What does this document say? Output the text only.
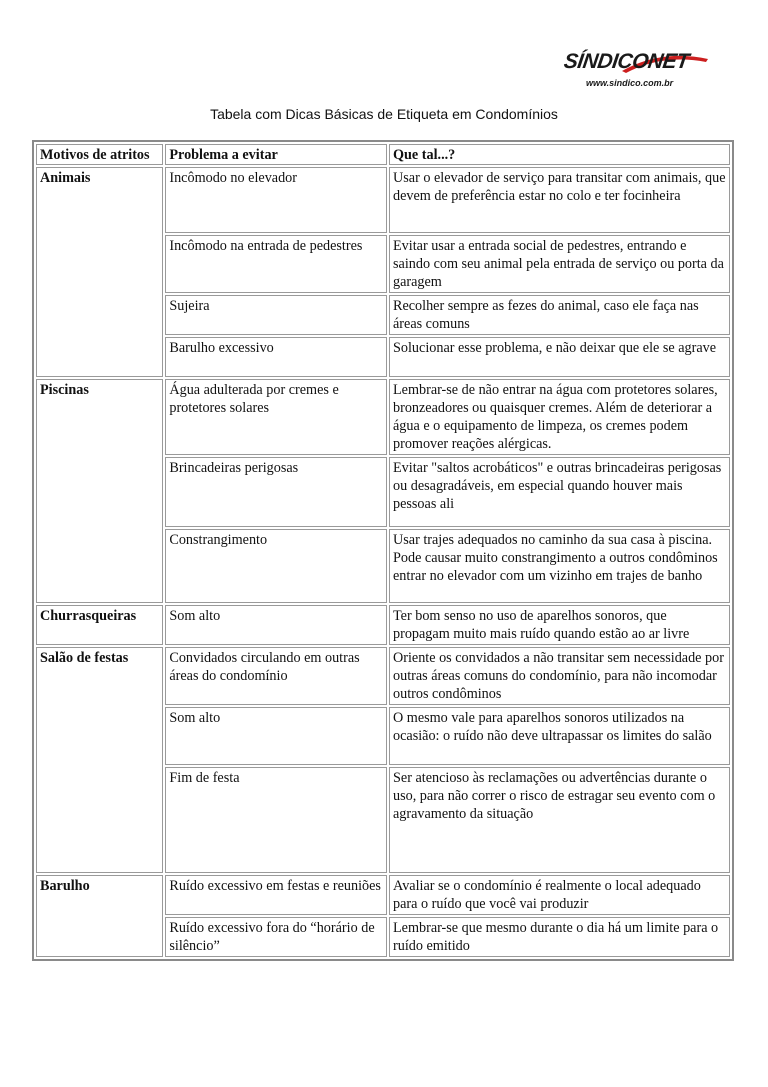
SÍNDICONET
www.sindico.com.br
Tabela com Dicas Básicas de Etiqueta em Condomínios
Motivos de atritos	Problema a evitar	Que tal...?
Animais	Incômodo no elevador	Usar o elevador de serviço para transitar com animais, que devem de preferência estar no colo e ter focinheira
	Incômodo na entrada de pedestres	Evitar usar a entrada social de pedestres, entrando e saindo com seu animal pela entrada de serviço ou porta da garagem
	Sujeira	Recolher sempre as fezes do animal, caso ele faça nas áreas comuns
	Barulho excessivo	Solucionar esse problema, e não deixar que ele se agrave
Piscinas	Água adulterada por cremes e protetores solares	Lembrar-se de não entrar na água com protetores solares, bronzeadores ou quaisquer cremes. Além de deteriorar a água e o equipamento de limpeza, os cremes podem promover reações alérgicas.
	Brincadeiras perigosas	Evitar "saltos acrobáticos" e outras brincadeiras perigosas ou desagradáveis, em especial quando houver mais pessoas ali
	Constrangimento	Usar trajes adequados no caminho da sua casa à piscina. Pode causar muito constrangimento a outros condôminos entrar no elevador com um vizinho em trajes de banho
Churrasqueiras	Som alto	Ter bom senso no uso de aparelhos sonoros, que propagam muito mais ruído quando estão ao ar livre
Salão de festas	Convidados circulando em outras áreas do condomínio	Oriente os convidados a não transitar sem necessidade por outras áreas comuns do condomínio, para não incomodar outros condôminos
	Som alto	O mesmo vale para aparelhos sonoros utilizados na ocasião: o ruído não deve ultrapassar os limites do salão
	Fim de festa	Ser atencioso às reclamações ou advertências durante o uso, para não correr o risco de estragar seu evento com o agravamento da situação
Barulho	Ruído excessivo em festas e reuniões	Avaliar se o condomínio é realmente o local adequado para o ruído que você vai produzir
	Ruído excessivo fora do “horário de silêncio”	Lembrar-se que mesmo durante o dia há um limite para o ruído emitido
